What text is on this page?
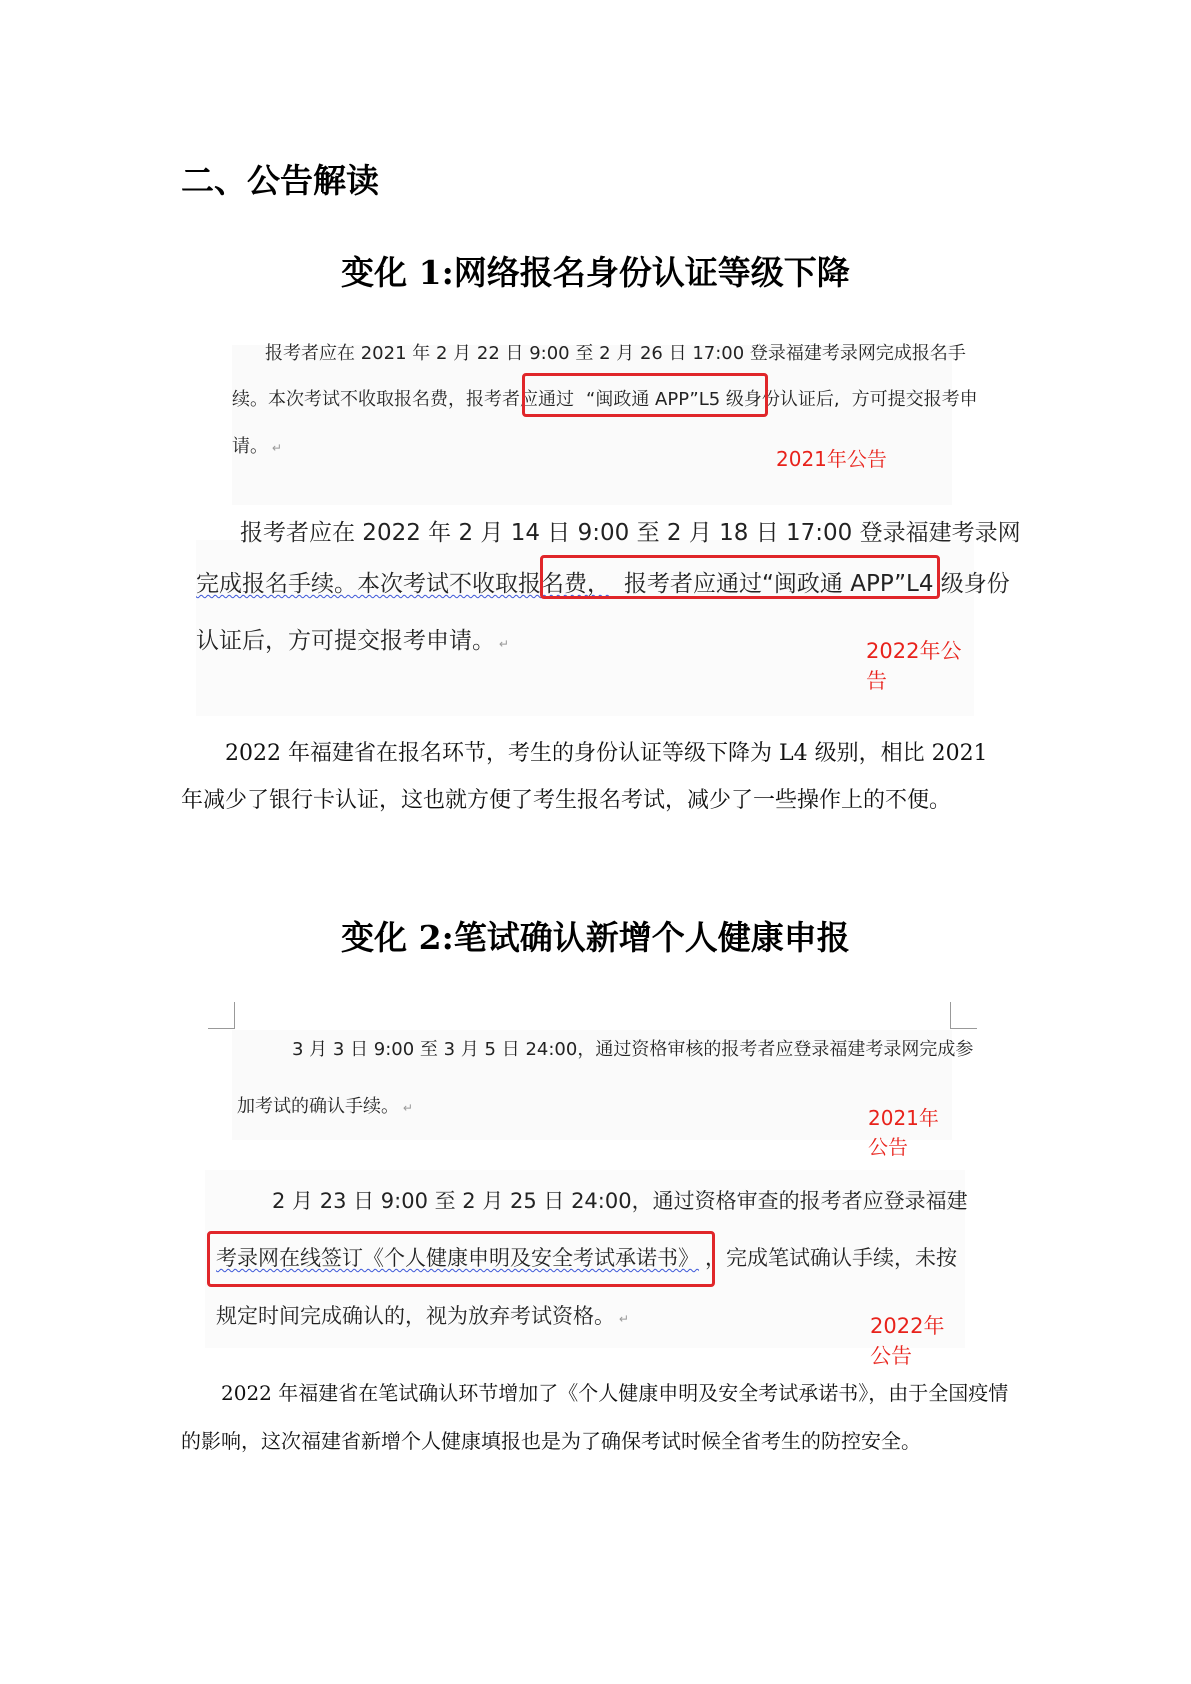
二、公告解读
变化 1:网络报名身份认证等级下降
报考者应在 2021 年 2 月 22 日 9:00 至 2 月 26 日 17:00 登录福建考录网完成报名手
续。本次考试不收取报名费，报考者应通过 “闽政通 APP”L5 级身份认证后, 方可提交报考申
请。 ↵	2021年公告
报考者应在 2022 年 2 月 14 日 9:00 至 2 月 18 日 17:00 登录福建考录网
完成报名手续。本次考试不收取报名费， 报考者应通过“闽政通 APP”L4 级身份
认证后，方可提交报考申请。 ↵	2022年公告
2022 年福建省在报名环节，考生的身份认证等级下降为 L4 级别，相比 2021 年减少了银行卡认证，这也就方便了考生报名考试，减少了一些操作上的不便。
变化 2:笔试确认新增个人健康申报
3 月 3 日 9:00 至 3 月 5 日 24:00，通过资格审核的报考者应登录福建考录网完成参
加考试的确认手续。 ↵	2021年公告
2 月 23 日 9:00 至 2 月 25 日 24:00，通过资格审查的报考者应登录福建
考录网在线签订《个人健康申明及安全考试承诺书》 ，完成笔试确认手续，未按
规定时间完成确认的，视为放弃考试资格。 ↵	2022年公告
2022 年福建省在笔试确认环节增加了《个人健康申明及安全考试承诺书》，由于全国疫情的影响，这次福建省新增个人健康填报也是为了确保考试时候全省考生的防控安全。
